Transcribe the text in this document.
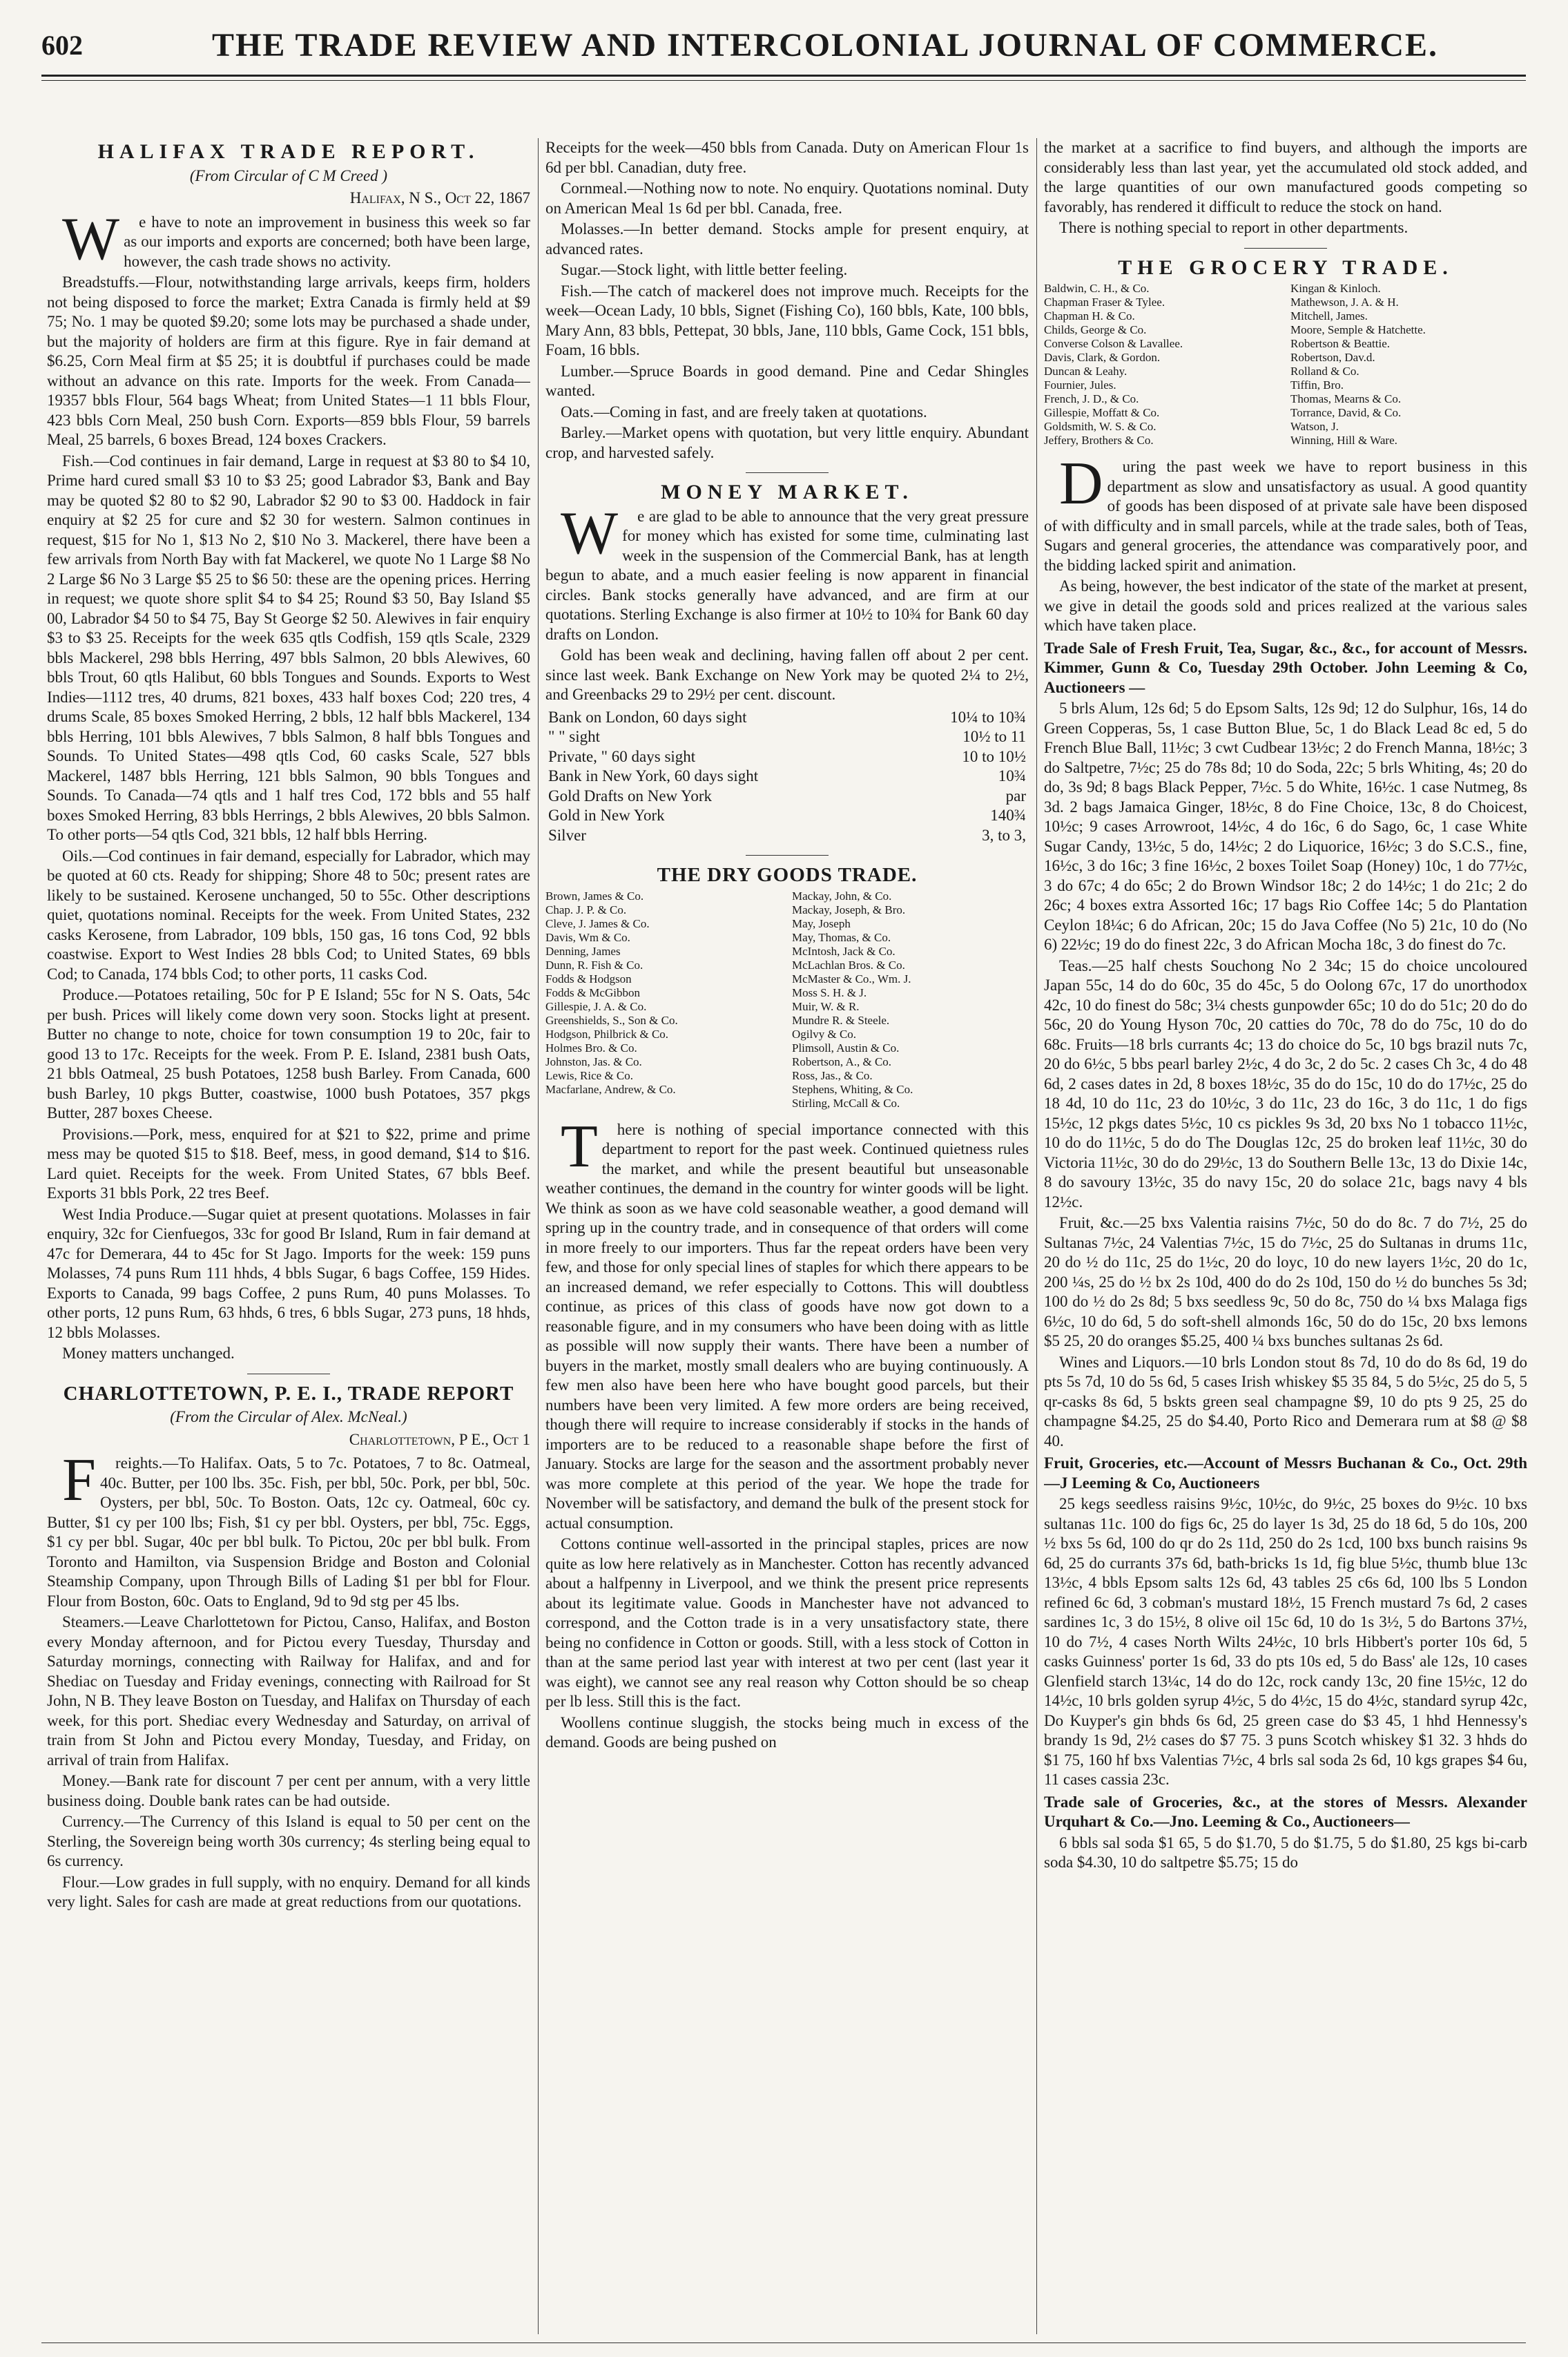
602	THE TRADE REVIEW AND INTERCOLONIAL JOURNAL OF COMMERCE.
HALIFAX TRADE REPORT.
(From Circular of C M Creed )
Halifax, N S., Oct 22, 1867

We have to note an improvement in business this week so far as our imports and exports are concerned; both have been large, however, the cash trade shows no activity.

Breadstuffs.—Flour, notwithstanding large arrivals, keeps firm, holders not being disposed to force the market; Extra Canada is firmly held at $9 75; No. 1 may be quoted $9.20; some lots may be purchased a shade under, but the majority of holders are firm at this figure. Rye in fair demand at $6.25, Corn Meal firm at $5 25; it is doubtful if purchases could be made without an advance on this rate. Imports for the week. From Canada—19357 bbls Flour, 564 bags Wheat; from United States—1 11 bbls Flour, 423 bbls Corn Meal, 250 bush Corn. Exports—859 bbls Flour, 59 barrels Meal, 25 barrels, 6 boxes Bread, 124 boxes Crackers.

Fish.—Cod continues in fair demand, Large in request at $3 80 to $4 10, Prime hard cured small $3 10 to $3 25; good Labrador $3, Bank and Bay may be quoted $2 80 to $2 90, Labrador $2 90 to $3 00. Haddock in fair enquiry at $2 25 for cure and $2 30 for western. Salmon continues in request, $15 for No 1, $13 No 2, $10 No 3. Mackerel, there have been a few arrivals from North Bay with fat Mackerel, we quote No 1 Large $8 No 2 Large $6 No 3 Large $5 25 to $6 50: these are the opening prices. Herring in request; we quote shore split $4 to $4 25; Round $3 50, Bay Island $5 00, Labrador $4 50 to $4 75, Bay St George $2 50. Alewives in fair enquiry $3 to $3 25. Receipts for the week 635 qtls Codfish, 159 qtls Scale, 2329 bbls Mackerel, 298 bbls Herring, 497 bbls Salmon, 20 bbls Alewives, 60 bbls Trout, 60 qtls Halibut, 60 bbls Tongues and Sounds. Exports to West Indies—1112 tres, 40 drums, 821 boxes, 433 half boxes Cod; 220 tres, 4 drums Scale, 85 boxes Smoked Herring, 2 bbls, 12 half bbls Mackerel, 134 bbls Herring, 101 bbls Alewives, 7 bbls Salmon, 8 half bbls Tongues and Sounds. To United States—498 qtls Cod, 60 casks Scale, 527 bbls Mackerel, 1487 bbls Herring, 121 bbls Salmon, 90 bbls Tongues and Sounds. To Canada—74 qtls and 1 half tres Cod, 172 bbls and 55 half boxes Smoked Herring, 83 bbls Herrings, 2 bbls Alewives, 20 bbls Salmon. To other ports—54 qtls Cod, 321 bbls, 12 half bbls Herring.

Oils.—Cod continues in fair demand, especially for Labrador, which may be quoted at 60 cts. Ready for shipping; Shore 48 to 50c; present rates are likely to be sustained. Kerosene unchanged, 50 to 55c. Other descriptions quiet, quotations nominal. Receipts for the week. From United States, 232 casks Kerosene, from Labrador, 109 bbls, 150 gas, 16 tons Cod, 92 bbls coastwise. Export to West Indies 28 bbls Cod; to United States, 69 bbls Cod; to Canada, 174 bbls Cod; to other ports, 11 casks Cod.

Produce.—Potatoes retailing, 50c for P E Island; 55c for N S. Oats, 54c per bush. Prices will likely come down very soon. Stocks light at present. Butter no change to note, choice for town consumption 19 to 20c, fair to good 13 to 17c. Receipts for the week. From P. E. Island, 2381 bush Oats, 21 bbls Oatmeal, 25 bush Potatoes, 1258 bush Barley. From Canada, 600 bush Barley, 10 pkgs Butter, coastwise, 1000 bush Potatoes, 357 pkgs Butter, 287 boxes Cheese.

Provisions.—Pork, mess, enquired for at $21 to $22, prime and prime mess may be quoted $15 to $18. Beef, mess, in good demand, $14 to $16. Lard quiet. Receipts for the week. From United States, 67 bbls Beef. Exports 31 bbls Pork, 22 tres Beef.

West India Produce.—Sugar quiet at present quotations. Molasses in fair enquiry, 32c for Cienfuegos, 33c for good Br Island, Rum in fair demand at 47c for Demerara, 44 to 45c for St Jago. Imports for the week: 159 puns Molasses, 74 puns Rum 111 hhds, 4 bbls Sugar, 6 bags Coffee, 159 Hides. Exports to Canada, 99 bags Coffee, 2 puns Rum, 40 puns Molasses. To other ports, 12 puns Rum, 63 hhds, 6 tres, 6 bbls Sugar, 273 puns, 18 hhds, 12 bbls Molasses.

Money matters unchanged.

CHARLOTTETOWN, P. E. I., TRADE REPORT
(From the Circular of Alex. McNeal.)
Charlottetown, P E., Oct 1

Freights.—To Halifax. Oats, 5 to 7c. Potatoes, 7 to 8c. Oatmeal, 40c. Butter, per 100 lbs. 35c. Fish, per bbl, 50c. Pork, per bbl, 50c. Oysters, per bbl, 50c. To Boston. Oats, 12c cy. Oatmeal, 60c cy. Butter, $1 cy per 100 lbs; Fish, $1 cy per bbl. Oysters, per bbl, 75c. Eggs, $1 cy per bbl. Sugar, 40c per bbl bulk. To Pictou, 20c per bbl bulk. From Toronto and Hamilton, via Suspension Bridge and Boston and Colonial Steamship Company, upon Through Bills of Lading $1 per bbl for Flour. Flour from Boston, 60c. Oats to England, 9d to 9d stg per 45 lbs.

Steamers.—Leave Charlottetown for Pictou, Canso, Halifax, and Boston every Monday afternoon, and for Pictou every Tuesday, Thursday and Saturday mornings, connecting with Railway for Halifax, and and for Shediac on Tuesday and Friday evenings, connecting with Railroad for St John, N B. They leave Boston on Tuesday, and Halifax on Thursday of each week, for this port. Shediac every Wednesday and Saturday, on arrival of train from St John and Pictou every Monday, Tuesday, and Friday, on arrival of train from Halifax.

Money.—Bank rate for discount 7 per cent per annum, with a very little business doing. Double bank rates can be had outside.

Currency.—The Currency of this Island is equal to 50 per cent on the Sterling, the Sovereign being worth 30s currency; 4s sterling being equal to 6s currency.

Flour.—Low grades in full supply, with no enquiry. Demand for all kinds very light. Sales for cash are made at great reductions from our quotations.

Receipts for the week—450 bbls from Canada. Duty on American Flour 1s 6d per bbl. Canadian, duty free.

Cornmeal.—Nothing now to note. No enquiry. Quotations nominal. Duty on American Meal 1s 6d per bbl. Canada, free.

Molasses.—In better demand. Stocks ample for present enquiry, at advanced rates.

Sugar.—Stock light, with little better feeling.

Fish.—The catch of mackerel does not improve much. Receipts for the week—Ocean Lady, 10 bbls, Signet (Fishing Co), 160 bbls, Kate, 100 bbls, Mary Ann, 83 bbls, Pettepat, 30 bbls, Jane, 110 bbls, Game Cock, 151 bbls, Foam, 16 bbls.

Lumber.—Spruce Boards in good demand. Pine and Cedar Shingles wanted.

Oats.—Coming in fast, and are freely taken at quotations.

Barley.—Market opens with quotation, but very little enquiry. Abundant crop, and harvested safely.

MONEY MARKET.

We are glad to be able to announce that the very great pressure for money which has existed for some time, culminating last week in the suspension of the Commercial Bank, has at length begun to abate, and a much easier feeling is now apparent in financial circles. Bank stocks generally have advanced, and are firm at our quotations. Sterling Exchange is also firmer at 10½ to 10¾ for Bank 60 day drafts on London.

Gold has been weak and declining, having fallen off about 2 per cent. since last week. Bank Exchange on New York may be quoted 2¼ to 2½, and Greenbacks 29 to 29½ per cent. discount.

Bank on London, 60 days sight	10¼ to 10¾
" " sight	10½ to 11
Private, " 60 days sight	10 to 10½
Bank in New York, 60 days sight	10¾
Gold Drafts on New York	par
Gold in New York	140¾
Silver	3, to 3,
THE DRY GOODS TRADE.
Brown, James & Co.	Mackay, John, & Co.
Chap. J. P. & Co.	Mackay, Joseph, & Bro.
Cleve, J. James & Co.	May, Joseph
Davis, Wm & Co.	May, Thomas, & Co.
Denning, James	McIntosh, Jack & Co.
Dunn, R. Fish & Co.	McLachlan Bros. & Co.
Fodds & Hodgson	McMaster & Co., Wm. J.
Fodds & McGibbon	Moss S. H. & J.
Gillespie, J. A. & Co.	Muir, W. & R.
Greenshields, S., Son & Co.	Mundre R. & Steele.
Hodgson, Philbrick & Co.	Ogilvy & Co.
Holmes Bro. & Co.	Plimsoll, Austin & Co.
Johnston, Jas. & Co.	Robertson, A., & Co.
Lewis, Rice & Co.	Ross, Jas., & Co.
Macfarlane, Andrew, & Co.	Stephens, Whiting, & Co.
Stirling, McCall & Co.

There is nothing of special importance connected with this department to report for the past week. Continued quietness rules the market, and while the present beautiful but unseasonable weather continues, the demand in the country for winter goods will be light. We think as soon as we have cold seasonable weather, a good demand will spring up in the country trade, and in consequence of that orders will come in more freely to our importers. Thus far the repeat orders have been very few, and those for only special lines of staples for which there appears to be an increased demand, we refer especially to Cottons. This will doubtless continue, as prices of this class of goods have now got down to a reasonable figure, and in my consumers who have been doing with as little as possible will now supply their wants. There have been a number of buyers in the market, mostly small dealers who are buying continuously. A few men also have been here who have bought good parcels, but their numbers have been very limited. A few more orders are being received, though there will require to increase considerably if stocks in the hands of importers are to be reduced to a reasonable shape before the first of January. Stocks are large for the season and the assortment probably never was more complete at this period of the year. We hope the trade for November will be satisfactory, and demand the bulk of the present stock for actual consumption.

Cottons continue well-assorted in the principal staples, prices are now quite as low here relatively as in Manchester. Cotton has recently advanced about a halfpenny in Liverpool, and we think the present price represents about its legitimate value. Goods in Manchester have not advanced to correspond, and the Cotton trade is in a very unsatisfactory state, there being no confidence in Cotton or goods. Still, with a less stock of Cotton in than at the same period last year with interest at two per cent (last year it was eight), we cannot see any real reason why Cotton should be so cheap per lb less. Still this is the fact.

Woollens continue sluggish, the stocks being much in excess of the demand. Goods are being pushed on

the market at a sacrifice to find buyers, and although the imports are considerably less than last year, yet the accumulated old stock added, and the large quantities of our own manufactured goods competing so favorably, has rendered it difficult to reduce the stock on hand.

There is nothing special to report in other departments.

THE GROCERY TRADE.
Baldwin, C. H., & Co.	Kingan & Kinloch.
Chapman Fraser & Tylee.	Mathewson, J. A. & H.
Chapman H. & Co.	Mitchell, James.
Childs, George & Co.	Moore, Semple & Hatchette.
Converse Colson & Lavallee.	Robertson & Beattie.
Davis, Clark, & Gordon.	Robertson, Dav.d.
Duncan & Leahy.	Rolland & Co.
Fournier, Jules.	Tiffin, Bro.
French, J. D., & Co.	Thomas, Mearns & Co.
Gillespie, Moffatt & Co.	Torrance, David, & Co.
Goldsmith, W. S. & Co.	Watson, J.
Jeffery, Brothers & Co.	Winning, Hill & Ware.

During the past week we have to report business in this department as slow and unsatisfactory as usual. A good quantity of goods has been disposed of at private sale have been disposed of with difficulty and in small parcels, while at the trade sales, both of Teas, Sugars and general groceries, the attendance was comparatively poor, and the bidding lacked spirit and animation.

As being, however, the best indicator of the state of the market at present, we give in detail the goods sold and prices realized at the various sales which have taken place.

Trade Sale of Fresh Fruit, Tea, Sugar, &c., &c., for account of Messrs. Kimmer, Gunn & Co, Tuesday 29th October. John Leeming & Co, Auctioneers —

5 brls Alum, 12s 6d; 5 do Epsom Salts, 12s 9d; 12 do Sulphur, 16s, 14 do Green Copperas, 5s, 1 case Button Blue, 5c, 1 do Black Lead 8c ed, 5 do French Blue Ball, 11½c; 3 cwt Cudbear 13½c; 2 do French Manna, 18½c; 3 do Saltpetre, 7½c; 25 do 78s 8d; 10 do Soda, 22c; 5 brls Whiting, 4s; 20 do do, 3s 9d; 8 bags Black Pepper, 7½c. 5 do White, 16½c. 1 case Nutmeg, 8s 3d. 2 bags Jamaica Ginger, 18½c, 8 do Fine Choice, 13c, 8 do Choicest, 10½c; 9 cases Arrowroot, 14½c, 4 do 16c, 6 do Sago, 6c, 1 case White Sugar Candy, 13½c, 5 do, 14½c; 2 do Liquorice, 16½c; 3 do S.C.S., fine, 16½c, 3 do 16c; 3 fine 16½c, 2 boxes Toilet Soap (Honey) 10c, 1 do 77½c, 3 do 67c; 4 do 65c; 2 do Brown Windsor 18c; 2 do 14½c; 1 do 21c; 2 do 26c; 4 boxes extra Assorted 16c; 17 bags Rio Coffee 14c; 5 do Plantation Ceylon 18¼c; 6 do African, 20c; 15 do Java Coffee (No 5) 21c, 10 do (No 6) 22½c; 19 do do finest 22c, 3 do African Mocha 18c, 3 do finest do 7c.

Teas.—25 half chests Souchong No 2 34c; 15 do choice uncoloured Japan 55c, 14 do do 60c, 35 do 45c, 5 do Oolong 67c, 17 do unorthodox 42c, 10 do finest do 58c; 3¼ chests gunpowder 65c; 10 do do 51c; 20 do do 56c, 20 do Young Hyson 70c, 20 catties do 70c, 78 do do 75c, 10 do do 68c. Fruits—18 brls currants 4c; 13 do choice do 5c, 10 bgs brazil nuts 7c, 20 do 6½c, 5 bbs pearl barley 2½c, 4 do 3c, 2 do 5c. 2 cases Ch 3c, 4 do 48 6d, 2 cases dates in 2d, 8 boxes 18½c, 35 do do 15c, 10 do do 17½c, 25 do 18 4d, 10 do 11c, 23 do 10½c, 3 do 11c, 23 do 16c, 3 do 11c, 1 do figs 15½c, 12 pkgs dates 5½c, 10 cs pickles 9s 3d, 20 bxs No 1 tobacco 11½c, 10 do do 11½c, 5 do do The Douglas 12c, 25 do broken leaf 11½c, 30 do Victoria 11½c, 30 do do 29½c, 13 do Southern Belle 13c, 13 do Dixie 14c, 8 do savoury 13½c, 35 do navy 15c, 20 do solace 21c, bags navy 4 bls 12½c.

Fruit, &c.—25 bxs Valentia raisins 7½c, 50 do do 8c. 7 do 7½, 25 do Sultanas 7½c, 24 Valentias 7½c, 15 do 7½c, 25 do Sultanas in drums 11c, 20 do ½ do 11c, 25 do 1½c, 20 do loyc, 10 do new layers 1½c, 20 do 1c, 200 ¼s, 25 do ½ bx 2s 10d, 400 do do 2s 10d, 150 do ½ do bunches 5s 3d; 100 do ½ do 2s 8d; 5 bxs seedless 9c, 50 do 8c, 750 do ¼ bxs Malaga figs 6½c, 10 do 6d, 5 do soft-shell almonds 16c, 50 do do 15c, 20 bxs lemons $5 25, 20 do oranges $5.25, 400 ¼ bxs bunches sultanas 2s 6d.

Wines and Liquors.—10 brls London stout 8s 7d, 10 do do 8s 6d, 19 do pts 5s 7d, 10 do 5s 6d, 5 cases Irish whiskey $5 35 84, 5 do 5½c, 25 do 5, 5 qr-casks 8s 6d, 5 bskts green seal champagne $9, 10 do pts 9 25, 25 do champagne $4.25, 25 do $4.40, Porto Rico and Demerara rum at $8 @ $8 40.

Fruit, Groceries, etc.—Account of Messrs Buchanan & Co., Oct. 29th—J Leeming & Co, Auctioneers

25 kegs seedless raisins 9½c, 10½c, do 9½c, 25 boxes do 9½c. 10 bxs sultanas 11c. 100 do figs 6c, 25 do layer 1s 3d, 25 do 18 6d, 5 do 10s, 200 ½ bxs 5s 6d, 100 do qr do 2s 11d, 250 do 2s 1cd, 100 bxs bunch raisins 9s 6d, 25 do currants 37s 6d, bath-bricks 1s 1d, fig blue 5½c, thumb blue 13c 13½c, 4 bbls Epsom salts 12s 6d, 43 tables 25 c6s 6d, 100 lbs 5 London refined 6c 6d, 3 cobman's mustard 18½, 15 French mustard 7s 6d, 2 cases sardines 1c, 3 do 15½, 8 olive oil 15c 6d, 10 do 1s 3½, 5 do Bartons 37½, 10 do 7½, 4 cases North Wilts 24½c, 10 brls Hibbert's porter 10s 6d, 5 casks Guinness' porter 1s 6d, 33 do pts 10s ed, 5 do Bass' ale 12s, 10 cases Glenfield starch 13¼c, 14 do do 12c, rock candy 13c, 20 fine 15½c, 12 do 14½c, 10 brls golden syrup 4½c, 5 do 4½c, 15 do 4½c, standard syrup 42c, Do Kuyper's gin bhds 6s 6d, 25 green case do $3 45, 1 hhd Hennessy's brandy 1s 9d, 2½ cases do $7 75. 3 puns Scotch whiskey $1 32. 3 hhds do $1 75, 160 hf bxs Valentias 7½c, 4 brls sal soda 2s 6d, 10 kgs grapes $4 6u, 11 cases cassia 23c.

Trade sale of Groceries, &c., at the stores of Messrs. Alexander Urquhart & Co.—Jno. Leeming & Co., Auctioneers—

6 bbls sal soda $1 65, 5 do $1.70, 5 do $1.75, 5 do $1.80, 25 kgs bi-carb soda $4.30, 10 do saltpetre $5.75; 15 do
